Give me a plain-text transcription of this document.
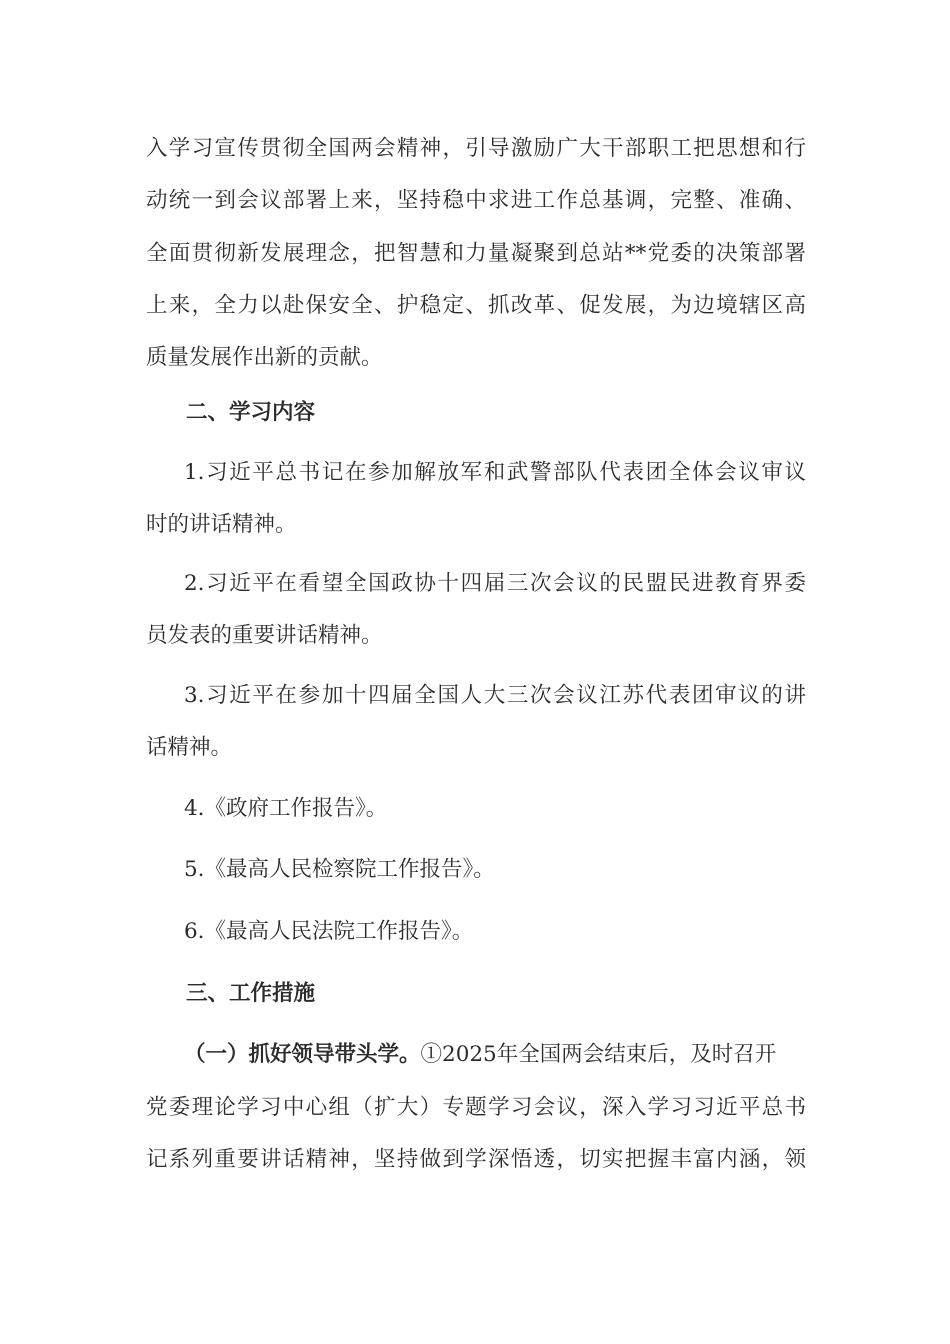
入学习宣传贯彻全国两会精神，引导激励广大干部职工把思想和行
动统一到会议部署上来，坚持稳中求进工作总基调，完整、准确、
全面贯彻新发展理念，把智慧和力量凝聚到总站**党委的决策部署
上来，全力以赴保安全、护稳定、抓改革、促发展，为边境辖区高
质量发展作出新的贡献。
二、学习内容
1.习近平总书记在参加解放军和武警部队代表团全体会议审议
时的讲话精神。
2.习近平在看望全国政协十四届三次会议的民盟民进教育界委
员发表的重要讲话精神。
3.习近平在参加十四届全国人大三次会议江苏代表团审议的讲
话精神。
4.《政府工作报告》。
5.《最高人民检察院工作报告》。
6.《最高人民法院工作报告》。
三、工作措施
（一）抓好领导带头学。①2025年全国两会结束后，及时召开
党委理论学习中心组（扩大）专题学习会议，深入学习习近平总书
记系列重要讲话精神，坚持做到学深悟透，切实把握丰富内涵，领
